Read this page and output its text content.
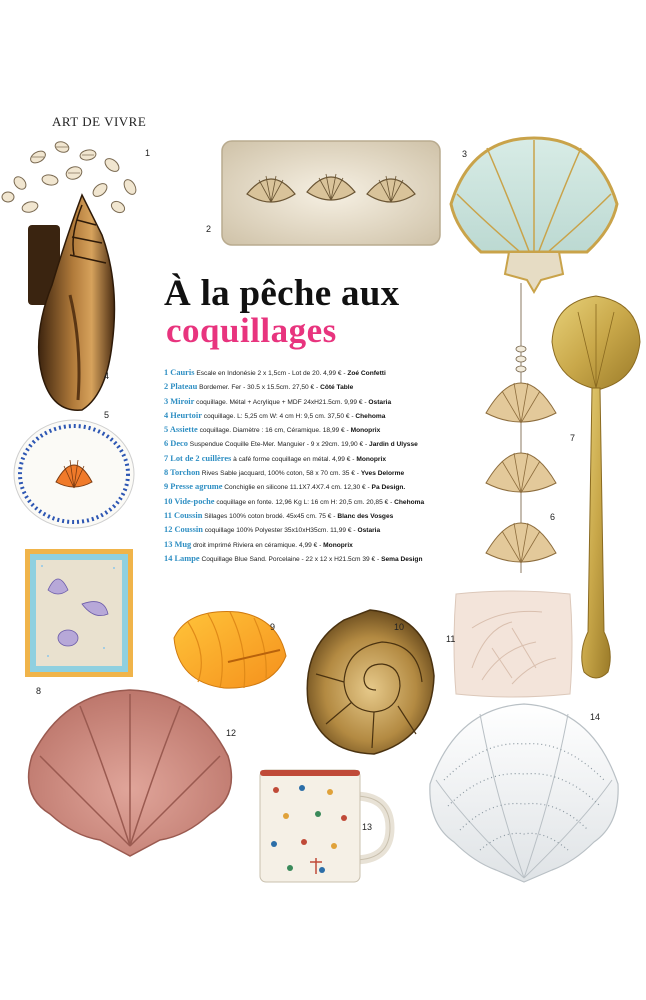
ART DE VIVRE
1
4
2
3
À la pêche aux
coquillages
1 Cauris Escale en Indonésie 2 x 1,5cm - Lot de 20. 4,99 € - Zoé Confetti
2 Plateau Bordemer. Fer - 30.5 x 15.5cm. 27,50 € - Côté Table
3 Miroir coquillage. Métal + Acrylique + MDF 24xH21.5cm. 9,99 € - Ostaria
4 Heurtoir coquillage. L: 5,25 cm W: 4 cm H: 9,5 cm. 37,50 € - Chehoma
5 Assiette coquillage. Diamètre : 16 cm, Céramique. 18,99 € - Monoprix
6 Deco Suspendue Coquille Ete-Mer. Manguier - 9 x 29cm. 19,90 € - Jardin d Ulysse
7 Lot de 2 cuillères à café forme coquillage en métal. 4,99 € - Monoprix
8 Torchon Rives Sable jacquard, 100% coton, 58 x 70 cm. 35 € - Yves Delorme
9 Presse agrume Conchiglie en silicone 11.1X7.4X7.4 cm. 12,30 € - Pa Design.
10 Vide-poche coquillage en fonte. 12,96 Kg L: 16 cm H: 20,5 cm. 20,85 € - Chehoma
11 Coussin Sillages 100% coton brodé. 45x45 cm. 75 € - Blanc des Vosges
12 Coussin coquillage 100% Polyester 35x10xH35cm. 11,99 € - Ostaria
13 Mug droit imprimé Riviera en céramique. 4,99 € - Monoprix
14 Lampe Coquillage Blue Sand. Porcelaine - 22 x 12 x H21.5cm 39 € - Sema Design
5
6
7
8
9	10
11
12
13
14
